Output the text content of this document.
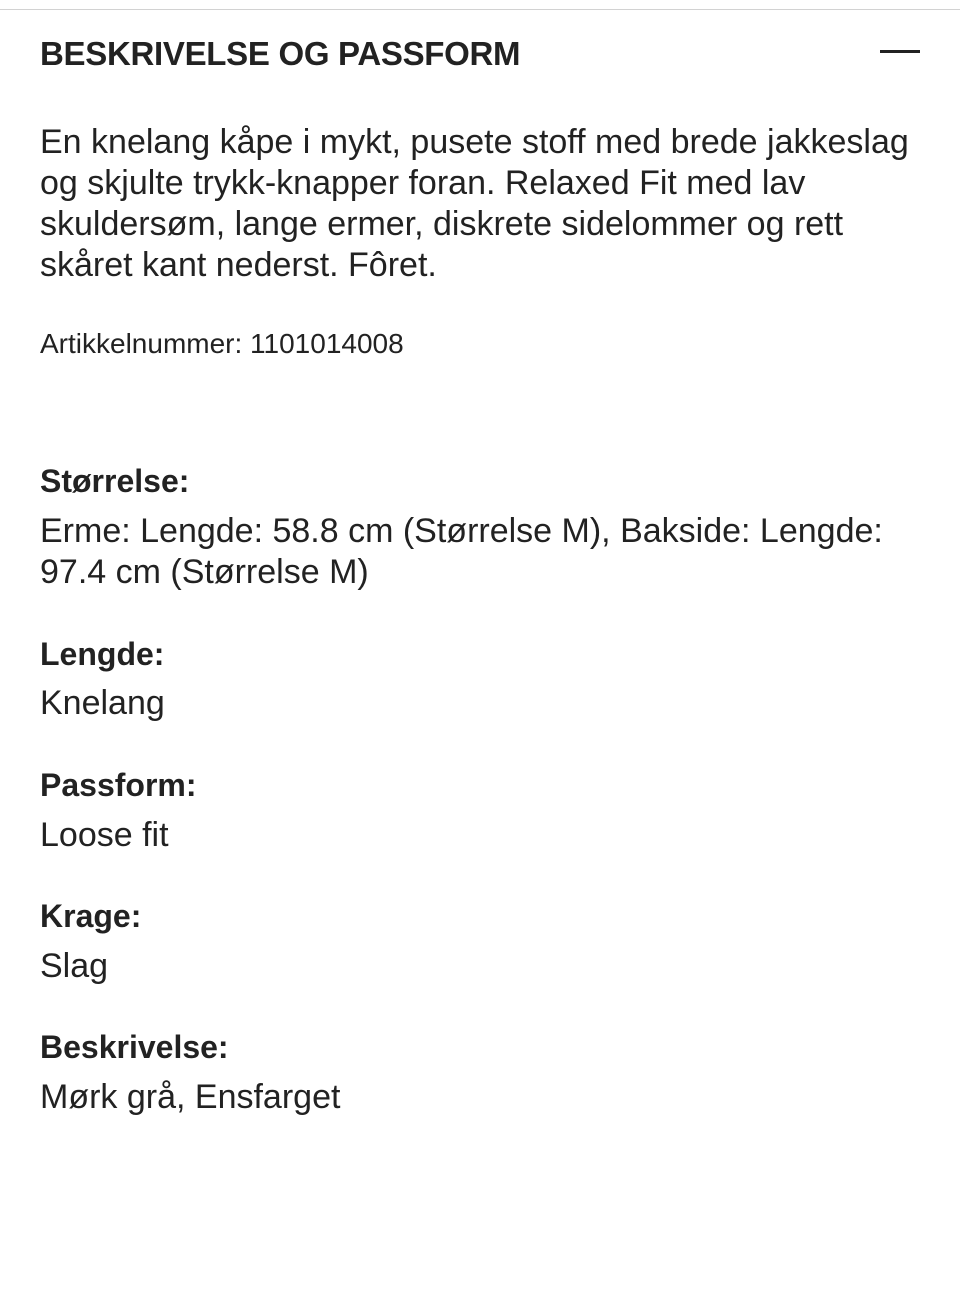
BESKRIVELSE OG PASSFORM

En knelang kåpe i mykt, pusete stoff med brede jakkeslag og skjulte trykk-knapper foran. Relaxed Fit med lav skuldersøm, lange ermer, diskrete sidelommer og rett skåret kant nederst. Fôret.

Artikkelnummer: 1101014008
Størrelse:
Erme: Lengde: 58.8 cm (Størrelse M), Bakside: Lengde: 97.4 cm (Størrelse M)
Lengde:
Knelang
Passform:
Loose fit
Krage:
Slag
Beskrivelse:
Mørk grå, Ensfarget
